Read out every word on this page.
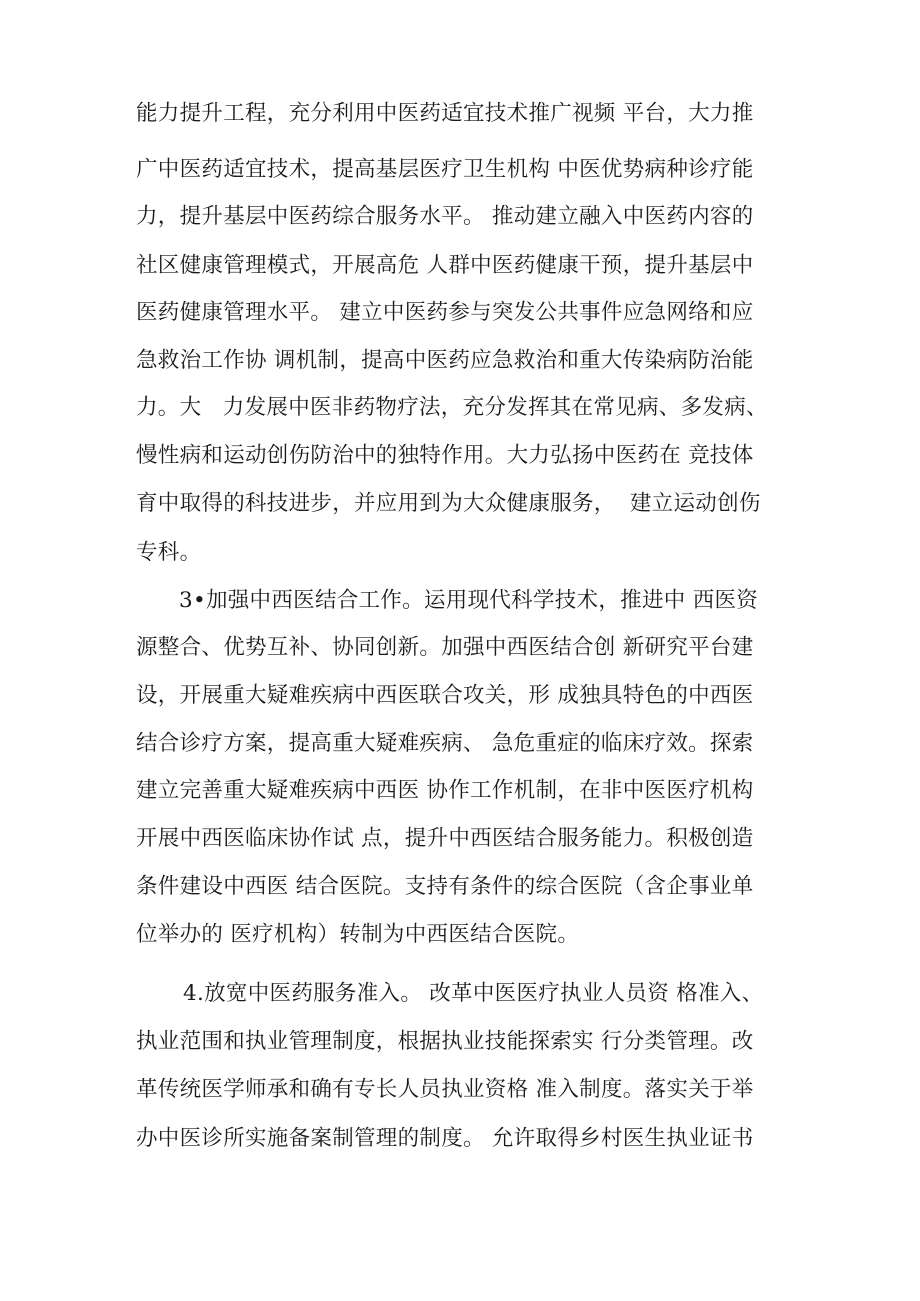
能力提升工程，充分利用中医药适宜技术推广视频 平台，大力推
广中医药适宜技术，提高基层医疗卫生机构 中医优势病种诊疗能
力，提升基层中医药综合服务水平。 推动建立融入中医药内容的
社区健康管理模式，开展高危 人群中医药健康干预，提升基层中
医药健康管理水平。 建立中医药参与突发公共事件应急网络和应
急救治工作协 调机制，提高中医药应急救治和重大传染病防治能
力。大   力发展中医非药物疗法，充分发挥其在常见病、多发病、
慢性病和运动创伤防治中的独特作用。大力弘扬中医药在 竞技体
育中取得的科技进步，并应用到为大众健康服务，  建立运动创伤
专科。
3•加强中西医结合工作。运用现代科学技术，推进中 西医资
源整合、优势互补、协同创新。加强中西医结合创 新研究平台建
设，开展重大疑难疾病中西医联合攻关，形 成独具特色的中西医
结合诊疗方案，提高重大疑难疾病、 急危重症的临床疗效。探索
建立完善重大疑难疾病中西医 协作工作机制，在非中医医疗机构
开展中西医临床协作试 点，提升中西医结合服务能力。积极创造
条件建设中西医 结合医院。支持有条件的综合医院（含企事业单
位举办的 医疗机构）转制为中西医结合医院。
4.放宽中医药服务准入。 改革中医医疗执业人员资 格准入、
执业范围和执业管理制度，根据执业技能探索实 行分类管理。改
革传统医学师承和确有专长人员执业资格 准入制度。落实关于举
办中医诊所实施备案制管理的制度。 允许取得乡村医生执业证书
